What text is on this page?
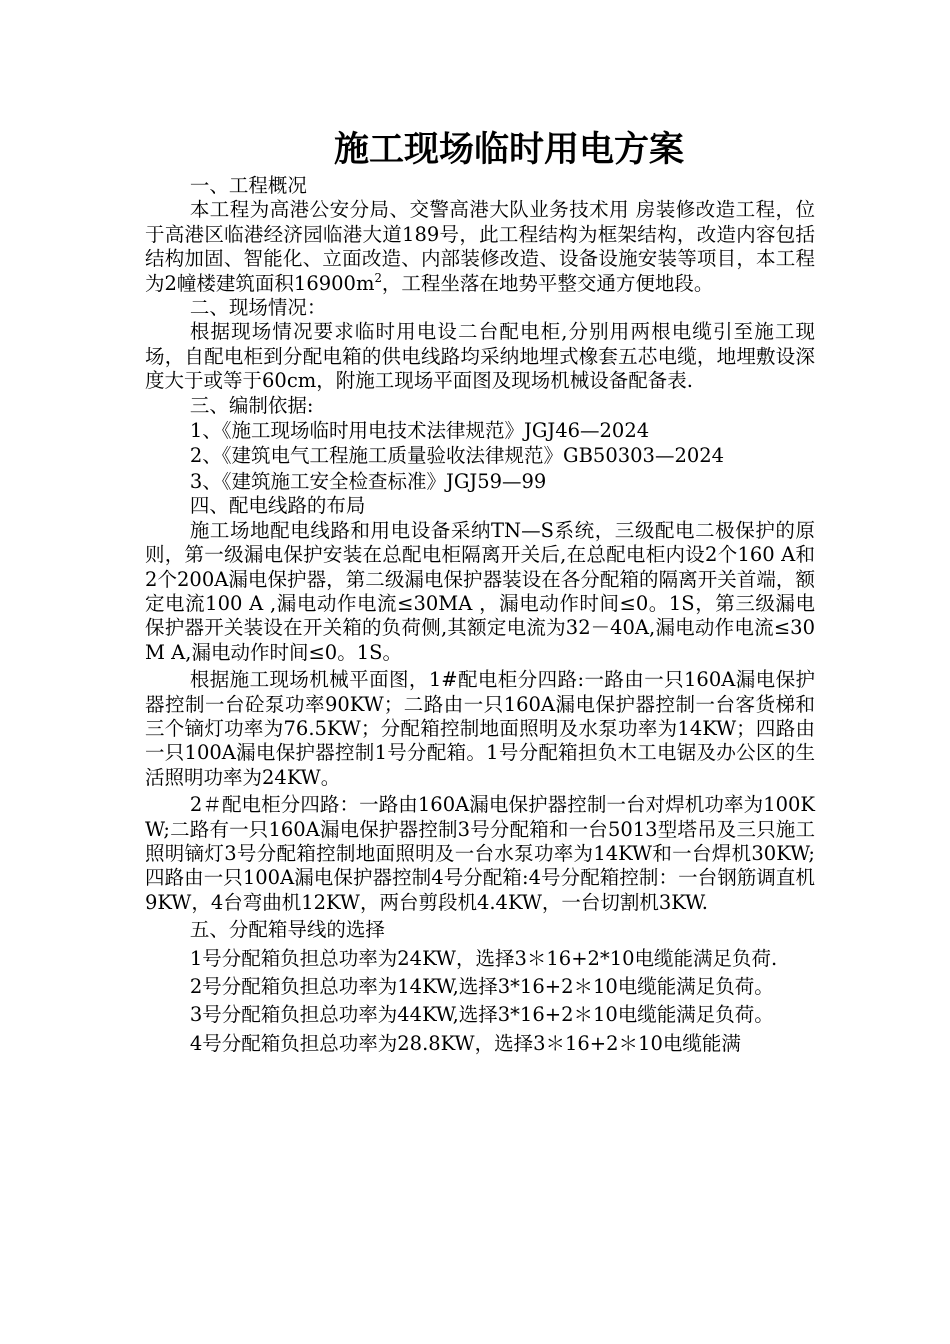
施工现场临时用电方案

一、工程概况

本工程为高港公安分局、交警高港大队业务技术用 房装修改造工程，位于高港区临港经济园临港大道189号，此工程结构为框架结构，改造内容包括结构加固、智能化、立面改造、内部装修改造、设备设施安装等项目，本工程为2幢楼建筑面积$16900m^2$，工程坐落在地势平整交通方便地段。

二、现场情况：

根据现场情况要求临时用电设二台配电柜,分别用两根电缆引至施工现场，自配电柜到分配电箱的供电线路均采纳地埋式橡套五芯电缆，地埋敷设深度大于或等于60cm，附施工现场平面图及现场机械设备配备表.

三、编制依据:

1、《施工现场临时用电技术法律规范》JGJ46—2024

2、《建筑电气工程施工质量验收法律规范》GB50303—2024

3、《建筑施工安全检查标准》JGJ59—99

四、配电线路的布局

施工场地配电线路和用电设备采纳TN—S系统，三级配电二极保护的原则，第一级漏电保护安装在总配电柜隔离开关后,在总配电柜内设2个160 A和2个200A漏电保护器，第二级漏电保护器装设在各分配箱的隔离开关首端，额定电流100 A ,漏电动作电流≤30MA ，漏电动作时间≤0。1S，第三级漏电保护器开关装设在开关箱的负荷侧,其额定电流为32－40A,漏电动作电流≤30 M A,漏电动作时间≤0。1S。

根据施工现场机械平面图，1#配电柜分四路:一路由一只160A漏电保护器控制一台砼泵功率90KW；二路由一只160A漏电保护器控制一台客货梯和三个镝灯功率为76.5KW；分配箱控制地面照明及水泵功率为14KW；四路由一只100A漏电保护器控制1号分配箱。1号分配箱担负木工电锯及办公区的生活照明功率为24KW。

2＃配电柜分四路：一路由160A漏电保护器控制一台对焊机功率为100KW;二路有一只160A漏电保护器控制3号分配箱和一台5013型塔吊及三只施工照明镝灯3号分配箱控制地面照明及一台水泵功率为14KW和一台焊机30KW;四路由一只100A漏电保护器控制4号分配箱:4号分配箱控制：一台钢筋调直机9KW，4台弯曲机12KW，两台剪段机4.4KW，一台切割机3KW.

五、分配箱导线的选择

1号分配箱负担总功率为24KW，选择3＊16+2*10电缆能满足负荷.

2号分配箱负担总功率为14KW,选择3*16+2＊10电缆能满足负荷。

3号分配箱负担总功率为44KW,选择3*16+2＊10电缆能满足负荷。

4号分配箱负担总功率为28.8KW，选择3＊16+2＊10电缆能满
